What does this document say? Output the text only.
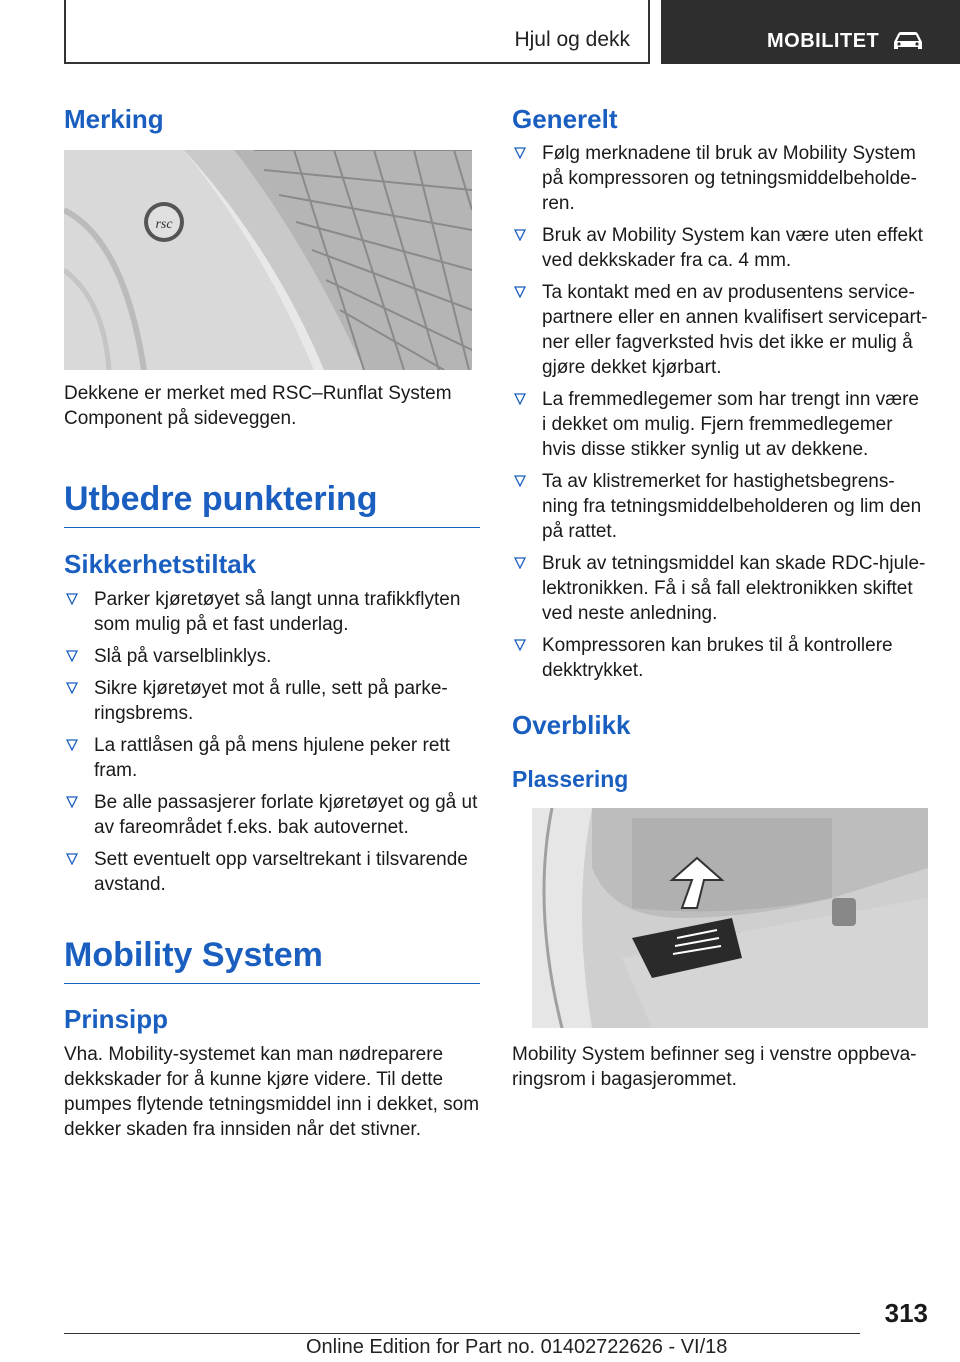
Hjul og dekk	MOBILITET
Merking
rsc

Dekkene er merket med RSC–Runflat System Component på sideveggen.

Utbedre punktering
Sikkerhetstiltak
Parker kjøretøyet så langt unna trafikkflyten som mulig på et fast underlag.
Slå på varselblinklys.
Sikre kjøretøyet mot å rulle, sett på parke-ringsbrems.
La rattlåsen gå på mens hjulene peker rett fram.
Be alle passasjerer forlate kjøretøyet og gå ut av fareområdet f.eks. bak autovernet.
Sett eventuelt opp varseltrekant i tilsvarende avstand.
Mobility System
Prinsipp

Vha. Mobility-systemet kan man nødreparere dekkskader for å kunne kjøre videre. Til dette pumpes flytende tetningsmiddel inn i dekket, som dekker skaden fra innsiden når det stivner.

Generelt
Følg merknadene til bruk av Mobility System på kompressoren og tetningsmiddelbeholde-ren.
Bruk av Mobility System kan være uten effekt ved dekkskader fra ca. 4 mm.
Ta kontakt med en av produsentens service-partnere eller en annen kvalifisert servicepart-ner eller fagverksted hvis det ikke er mulig å gjøre dekket kjørbart.
La fremmedlegemer som har trengt inn være i dekket om mulig. Fjern fremmedlegemer hvis disse stikker synlig ut av dekkene.
Ta av klistremerket for hastighetsbegrens-ning fra tetningsmiddelbeholderen og lim den på rattet.
Bruk av tetningsmiddel kan skade RDC-hjule-lektronikken. Få i så fall elektronikken skiftet ved neste anledning.
Kompressoren kan brukes til å kontrollere dekktrykket.
Overblikk
Plassering

Mobility System befinner seg i venstre oppbeva-ringsrom i bagasjerommet.

313
Online Edition for Part no. 01402722626 - VI/18
